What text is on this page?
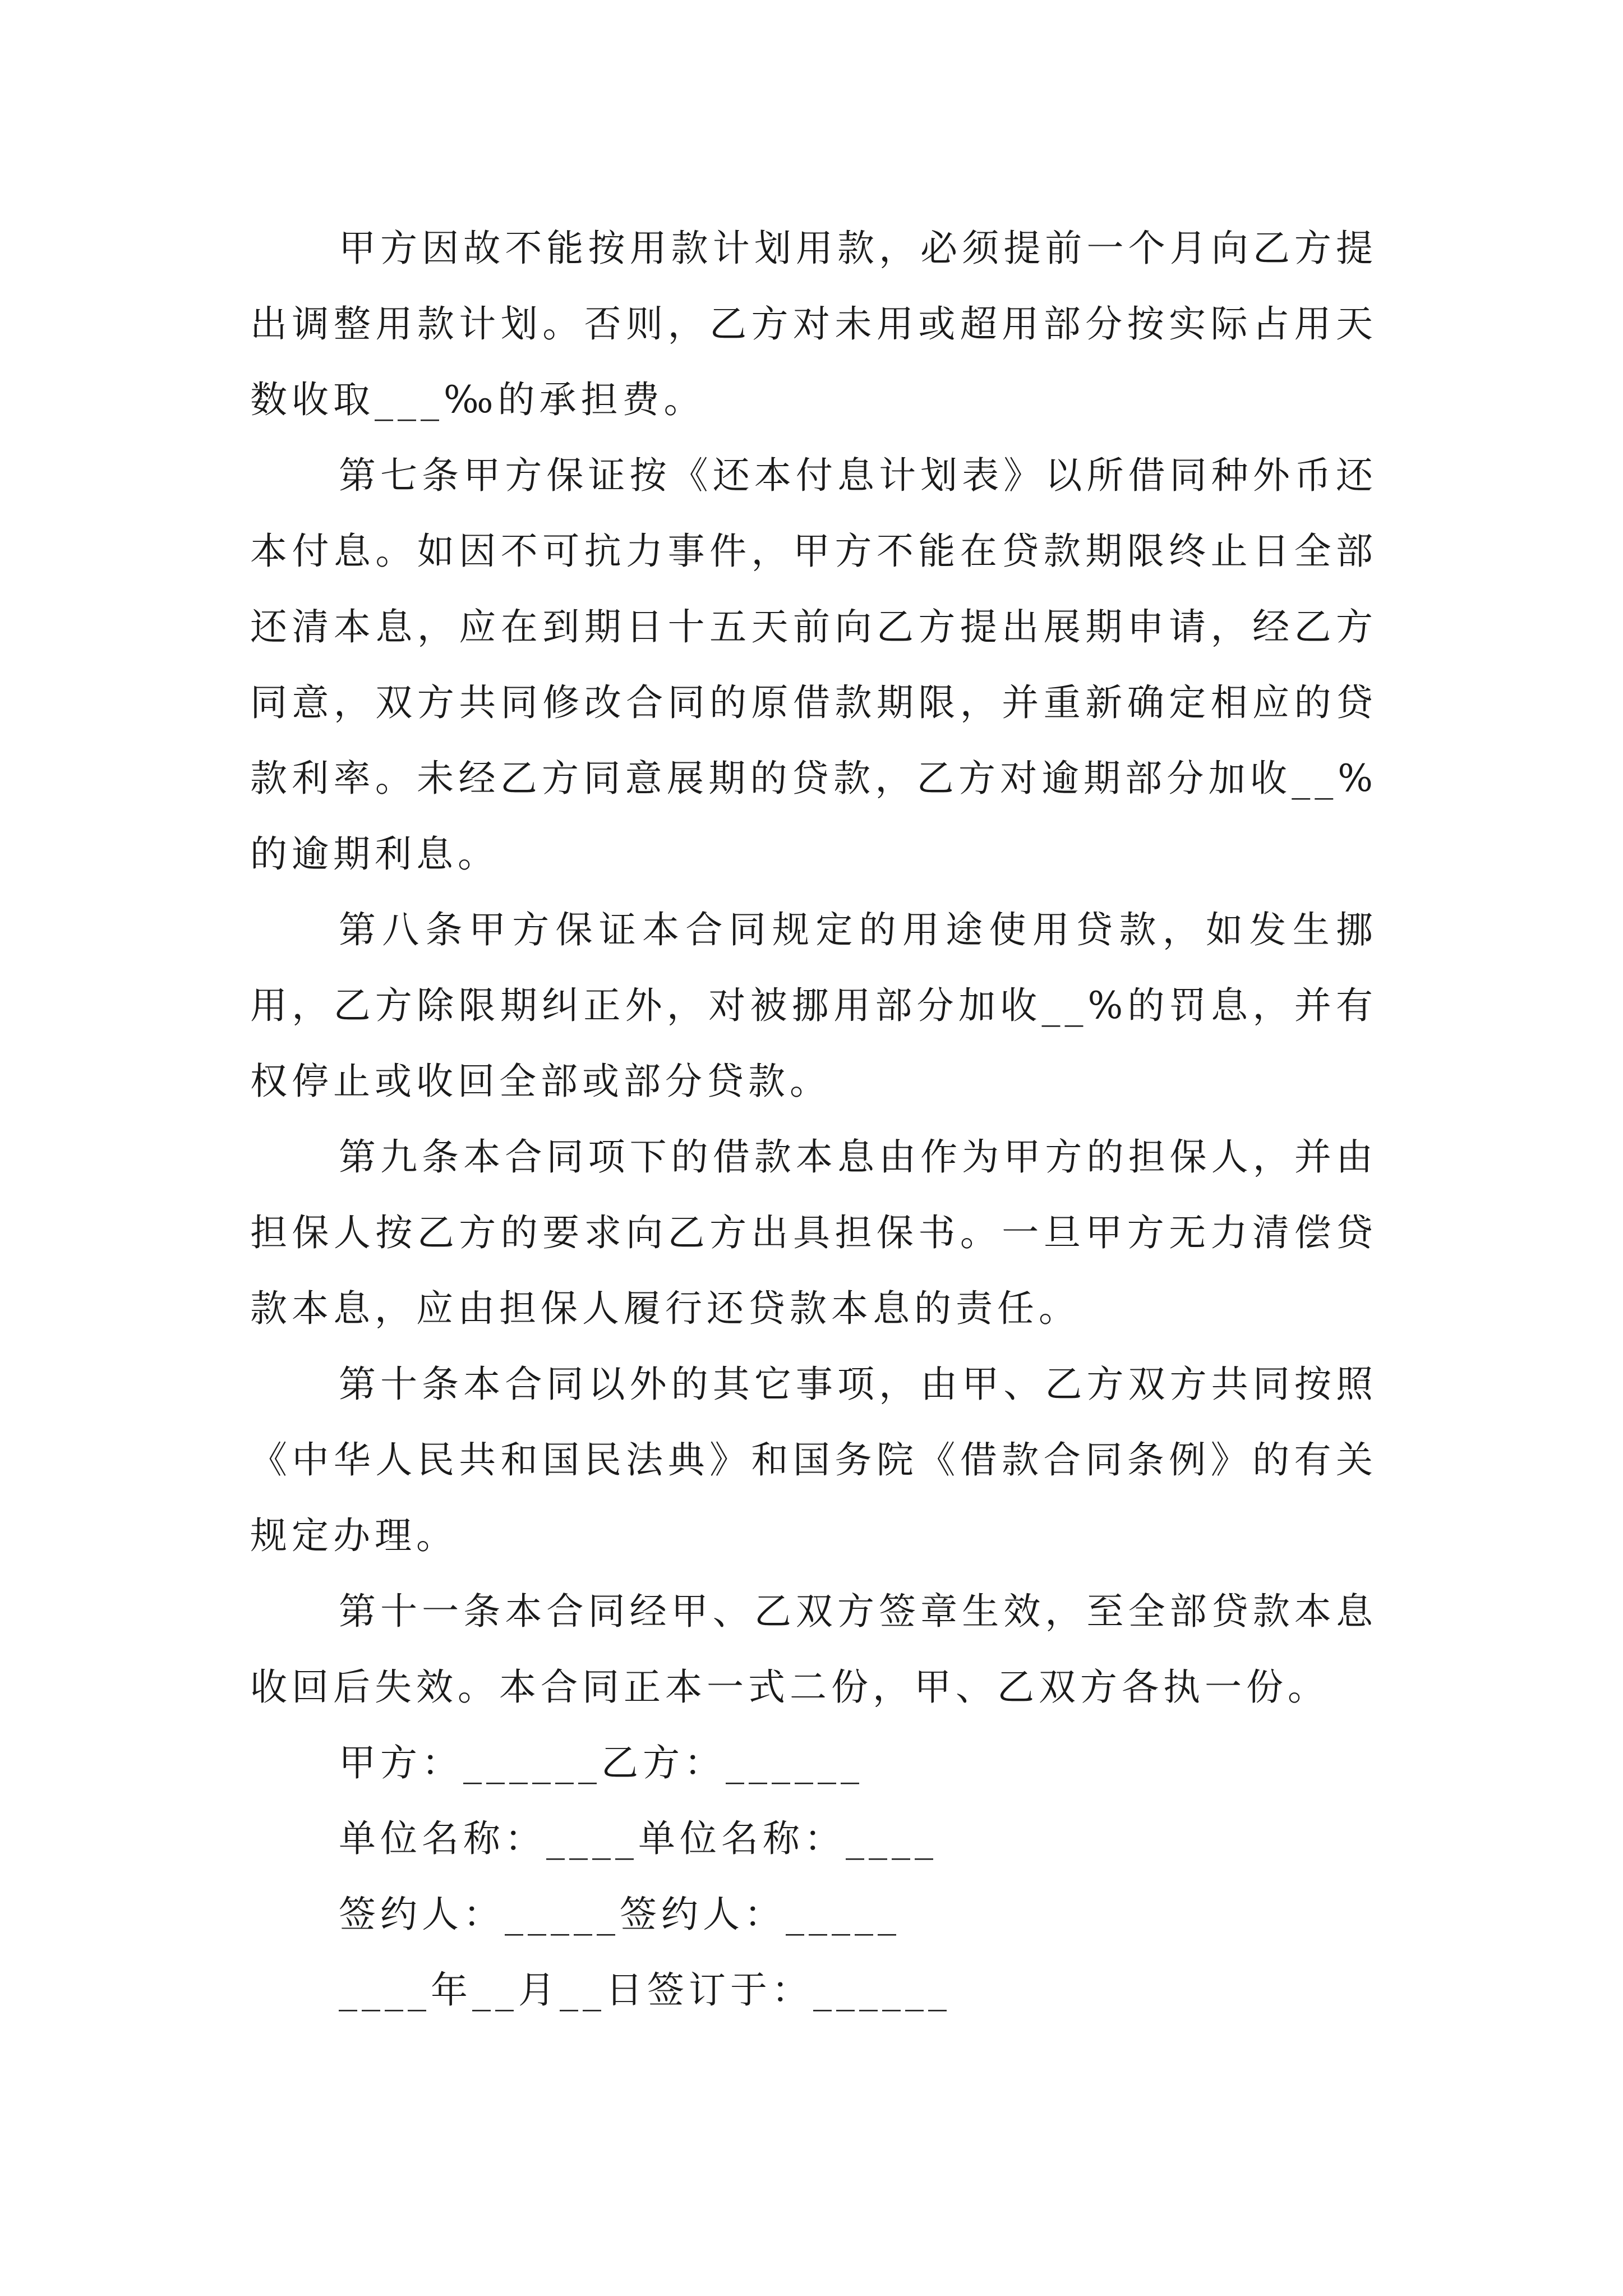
甲方因故不能按用款计划用款，必须提前一个月向乙方提出调整用款计划。否则，乙方对未用或超用部分按实际占用天数收取___‰的承担费。

第七条甲方保证按《还本付息计划表》以所借同种外币还本付息。如因不可抗力事件，甲方不能在贷款期限终止日全部还清本息，应在到期日十五天前向乙方提出展期申请，经乙方同意，双方共同修改合同的原借款期限，并重新确定相应的贷款利率。未经乙方同意展期的贷款，乙方对逾期部分加收__%的逾期利息。

第八条甲方保证本合同规定的用途使用贷款，如发生挪用，乙方除限期纠正外，对被挪用部分加收__%的罚息，并有权停止或收回全部或部分贷款。

第九条本合同项下的借款本息由作为甲方的担保人，并由担保人按乙方的要求向乙方出具担保书。一旦甲方无力清偿贷款本息，应由担保人履行还贷款本息的责任。

第十条本合同以外的其它事项，由甲、乙方双方共同按照《中华人民共和国民法典》和国务院《借款合同条例》的有关规定办理。

第十一条本合同经甲、乙双方签章生效，至全部贷款本息收回后失效。本合同正本一式二份，甲、乙双方各执一份。

甲方：______乙方：______

单位名称：____单位名称：____

签约人：_____签约人：_____

____年__月__日签订于：______
